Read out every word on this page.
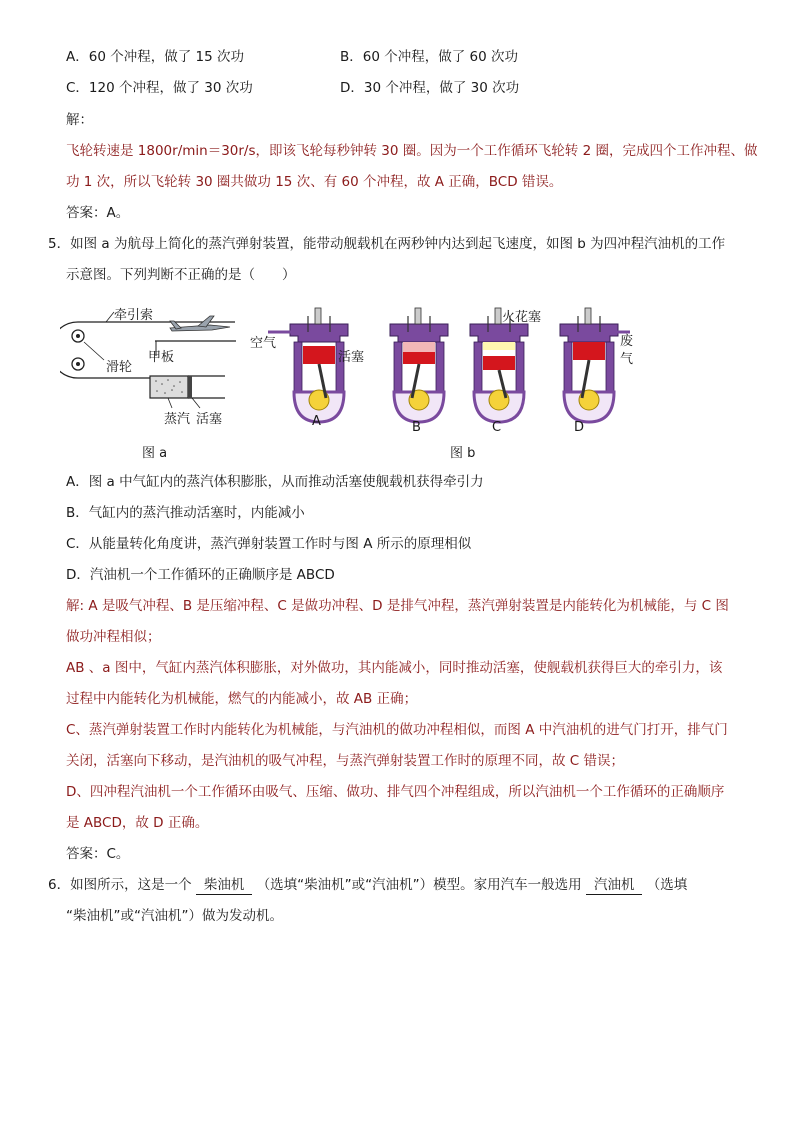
A．60 个冲程，做了 15 次功	B．60 个冲程，做了 60 次功
C．120 个冲程，做了 30 次功	D．30 个冲程，做了 30 次功
解：
飞轮转速是 1800r/min＝30r/s，即该飞轮每秒钟转 30 圈。因为一个工作循环飞轮转 2 圈，完成四个工作冲程、做
功 1 次，所以飞轮转 30 圈共做功 15 次、有 60 个冲程，故 A 正确，BCD 错误。
答案：A。
5．如图 a 为航母上简化的蒸汽弹射装置，能带动舰载机在两秒钟内达到起飞速度，如图 b 为四冲程汽油机的工作
示意图。下列判断不正确的是（　　）
牵引索
滑轮
甲板
蒸汽 活塞
图 a
空气
活塞
火花塞
废
气
A	B	C	D
图 b
A．图 a 中气缸内的蒸汽体积膨胀，从而推动活塞使舰载机获得牵引力
B．气缸内的蒸汽推动活塞时，内能减小
C．从能量转化角度讲，蒸汽弹射装置工作时与图 A 所示的原理相似
D．汽油机一个工作循环的正确顺序是 ABCD
解: A 是吸气冲程、B 是压缩冲程、C 是做功冲程、D 是排气冲程，蒸汽弹射装置是内能转化为机械能，与 C 图
做功冲程相似；
AB 、a 图中，气缸内蒸汽体积膨胀，对外做功，其内能减小，同时推动活塞，使舰载机获得巨大的牵引力，该
过程中内能转化为机械能，燃气的内能减小，故 AB 正确；
C、蒸汽弹射装置工作时内能转化为机械能，与汽油机的做功冲程相似，而图 A 中汽油机的进气门打开，排气门
关闭，活塞向下移动，是汽油机的吸气冲程，与蒸汽弹射装置工作时的原理不同，故 C 错误；
D、四冲程汽油机一个工作循环由吸气、压缩、做功、排气四个冲程组成，所以汽油机一个工作循环的正确顺序
是 ABCD，故 D 正确。
答案：C。
6．如图所示，这是一个 柴油机 （选填“柴油机”或“汽油机”）模型。家用汽车一般选用 汽油机 （选填
“柴油机”或“汽油机”）做为发动机。
